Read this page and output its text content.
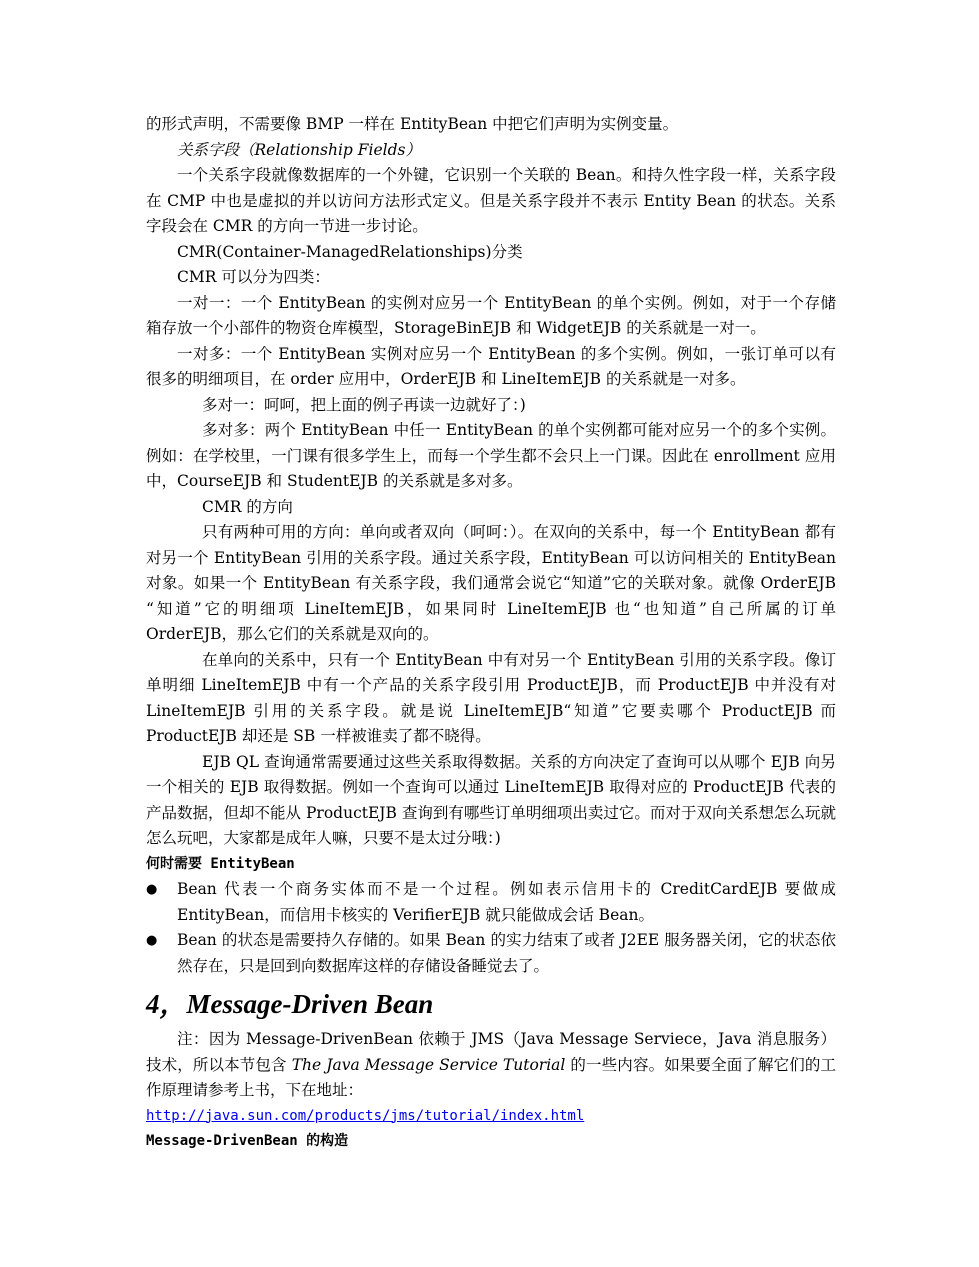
的形式声明，不需要像 BMP 一样在 EntityBean 中把它们声明为实例变量。

关系字段（Relationship Fields）

一个关系字段就像数据库的一个外键，它识别一个关联的 Bean。和持久性字段一样，关系字段在 CMP 中也是虚拟的并以访问方法形式定义。但是关系字段并不表示 Entity Bean 的状态。关系字段会在 CMR 的方向一节进一步讨论。

CMR(Container-ManagedRelationships)分类

CMR 可以分为四类：

一对一：一个 EntityBean 的实例对应另一个 EntityBean 的单个实例。例如，对于一个存储箱存放一个小部件的物资仓库模型，StorageBinEJB 和 WidgetEJB 的关系就是一对一。

一对多：一个 EntityBean 实例对应另一个 EntityBean 的多个实例。例如，一张订单可以有很多的明细项目，在 order 应用中，OrderEJB 和 LineItemEJB 的关系就是一对多。

多对一：呵呵，把上面的例子再读一边就好了：)

多对多：两个 EntityBean 中任一 EntityBean 的单个实例都可能对应另一个的多个实例。例如：在学校里，一门课有很多学生上，而每一个学生都不会只上一门课。因此在 enrollment 应用中，CourseEJB 和 StudentEJB 的关系就是多对多。

CMR 的方向

只有两种可用的方向：单向或者双向（呵呵：）。在双向的关系中，每一个 EntityBean 都有对另一个 EntityBean 引用的关系字段。通过关系字段，EntityBean 可以访问相关的 EntityBean 对象。如果一个 EntityBean 有关系字段，我们通常会说它“知道”它的关联对象。就像 OrderEJB “知道”它的明细项 LineItemEJB，如果同时 LineItemEJB 也“也知道”自己所属的订单 OrderEJB，那么它们的关系就是双向的。

在单向的关系中，只有一个 EntityBean 中有对另一个 EntityBean 引用的关系字段。像订单明细 LineItemEJB 中有一个产品的关系字段引用 ProductEJB，而 ProductEJB 中并没有对 LineItemEJB 引用的关系字段。就是说 LineItemEJB“知道”它要卖哪个 ProductEJB 而 ProductEJB 却还是 SB 一样被谁卖了都不晓得。

EJB QL 查询通常需要通过这些关系取得数据。关系的方向决定了查询可以从哪个 EJB 向另一个相关的 EJB 取得数据。例如一个查询可以通过 LineItemEJB 取得对应的 ProductEJB 代表的产品数据，但却不能从 ProductEJB 查询到有哪些订单明细项出卖过它。而对于双向关系想怎么玩就怎么玩吧，大家都是成年人嘛，只要不是太过分哦：)

何时需要 EntityBean

● Bean 代表一个商务实体而不是一个过程。例如表示信用卡的 CreditCardEJB 要做成 EntityBean，而信用卡核实的 VerifierEJB 就只能做成会话 Bean。
● Bean 的状态是需要持久存储的。如果 Bean 的实力结束了或者 J2EE 服务器关闭，它的状态依然存在，只是回到向数据库这样的存储设备睡觉去了。

4，Message-Driven Bean

注：因为 Message-DrivenBean 依赖于 JMS（Java Message Serviece，Java 消息服务）技术，所以本节包含 The Java Message Service Tutorial 的一些内容。如果要全面了解它们的工作原理请参考上书，下在地址：

http://java.sun.com/products/jms/tutorial/index.html

Message-DrivenBean 的构造
